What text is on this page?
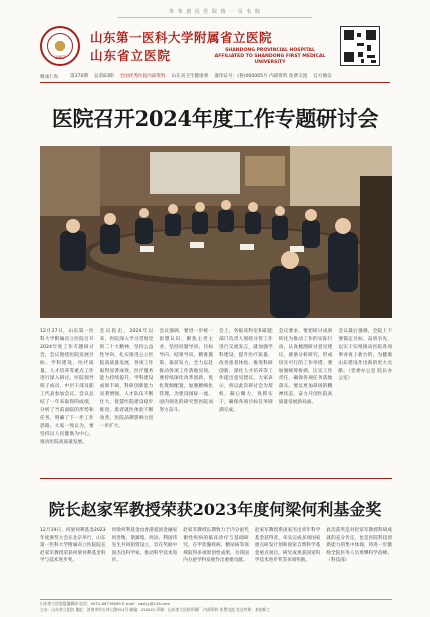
拳 拳 惠 民 医 院 愤 一 员 名 院
1897
山东第一医科大学附属省立医院
山东省立医院	SHANDONG PROVINCIAL HOSPITAL
AFFILIATED TO SHANDONG FIRST MEDICAL UNIVERSITY
精诚仁和	第370期 总第83期 全国优秀医院内部资料 山东省卫生健康委 准印证号：(鲁)000005号 内部资料 免费交流 官方微信
医院召开2024年度工作专题研讨会

12月27日，山东第一医科大学附属省立医院召开2024年度工作专题研讨会，会议围绕医院发展目标、学科建设、医疗质量、人才培养等重点工作进行深入研讨。医院领导班子成员、中层干部及职工代表参加会议。会议总结了一年来取得的成绩，分析了当前面临的形势和任务，明确了下一步工作思路。大家一致认为，要坚持以人民健康为中心，推动医院高质量发展。

会议指出，2024年以来，医院深入学习贯彻党的二十大精神，坚持公益性导向，扎实推进公立医院高质量发展，各项工作取得显著成效。医疗服务能力持续提升，学科建设成果丰硕，科研创新能力显著增强，人才队伍不断壮大，智慧医院建设稳步推进，患者就医体验不断改善，医院品牌影响力进一步扩大。

会议强调，要进一步统一思想认识，聚焦主责主业，坚持问题导向、目标导向、结果导向，精准施策、靠前发力，全力以赴推动各项工作落地见效。要持续深化改革创新，优化资源配置，加强精细化管理，为建设国际一流、国内领先的研究型医院而努力奋斗。

会上，各临床科室和职能部门负责人围绕分管工作进行交流发言，就加强学科建设、提升医疗质量、改善患者体验、推进科研创新、深化人才培养等工作提出意见建议。大家表示，将以此次研讨会为契机，凝心聚力、真抓实干，确保各项目标任务圆满完成。

会议要求，要把研讨成果转化为推动工作的实际行动，认真梳理研讨意见建议，逐条分析研究，形成切实可行的工作举措。要加强统筹协调，压实工作责任，确保各项任务落地落实。要以更加昂扬的精神状态，奋力开创医院高质量发展新局面。

会议最后强调，全院上下要锚定目标、奋勇争先，以实干实绩推动医院各项事业再上新台阶，为健康山东建设作出新的更大贡献。（党委办公室 院长办公室）

院长赵家军教授荣获2023年度何梁何利基金奖

12月19日，何梁何利基金2023年度颁奖大会在北京举行，山东第一医科大学附属省立医院院长赵家军教授荣获何梁何利基金科学与技术进步奖。

何梁何利基金由香港爱国金融家何善衡、梁銶琚、何添、利国伟先生共同捐资设立，旨在奖励中国杰出科学家，推动科学技术进步。

赵家军教授长期致力于内分泌代谢性疾病的临床诊疗与基础研究，在甲状腺疾病、糖尿病等领域取得多项原创性成果，为我国内分泌学科发展作出重要贡献。

赵家军教授系国家杰出青年科学基金获得者，牵头完成多项国家重点研发计划和国家自然科学基金重点项目，研究成果获国家科学技术进步奖等多项奖励。

此次获奖是对赵家军教授科研成就的充分肯定，也是医院科技创新能力的集中体现，将进一步激励全院医务人员勇攀科学高峰。（科技部）

山东省立医院报编辑部 电话：0531-68776065 E-mail：sdslyy@126.com
主办：山东省立医院 地址：济南市经五纬七路324号 邮编：250021 印刷：山东省立医院印刷厂 内部资料 免费交流 发送对象：本院职工
